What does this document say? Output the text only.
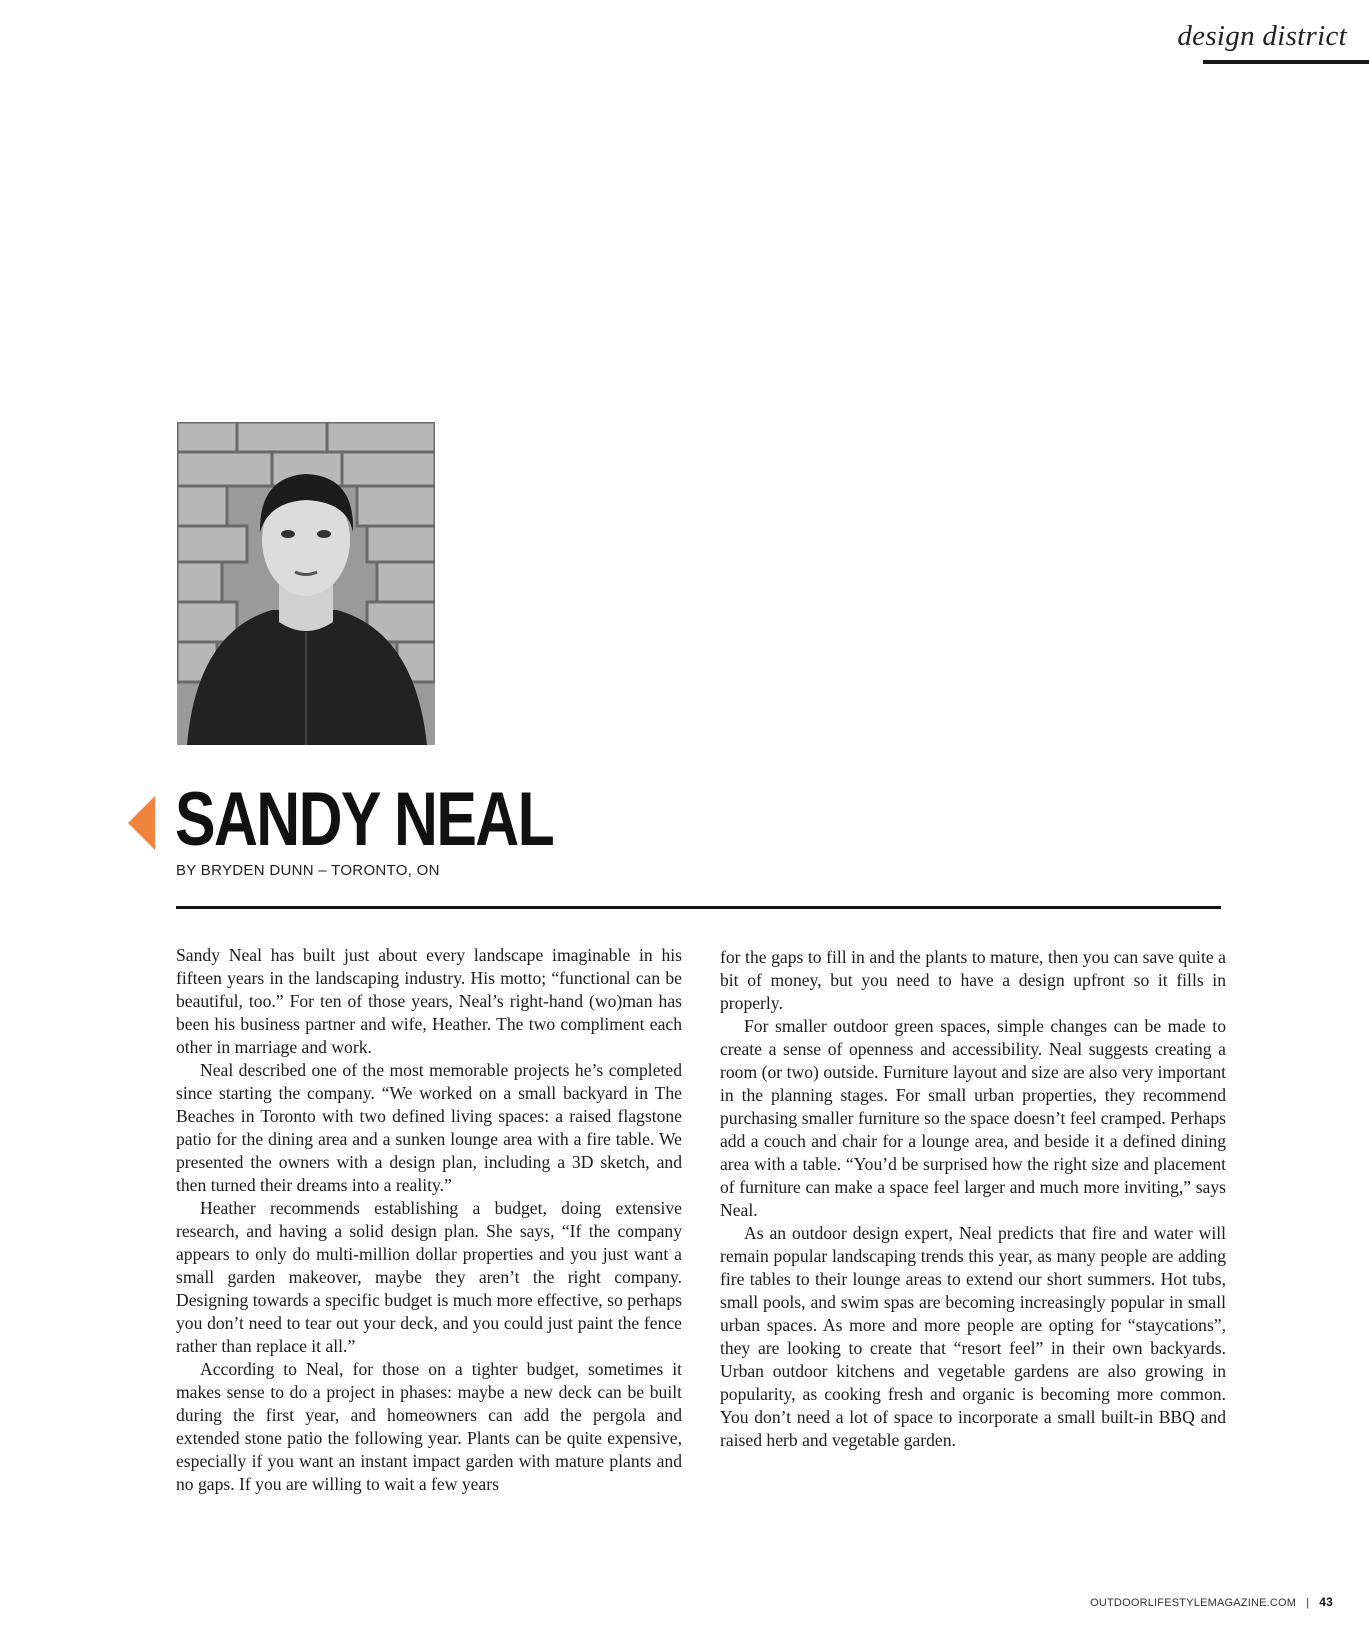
design district
SANDY NEAL
BY BRYDEN DUNN – TORONTO, ON

Sandy Neal has built just about every landscape imaginable in his fifteen years in the landscaping industry. His motto; “functional can be beautiful, too.” For ten of those years, Neal’s right-hand (wo)man has been his business partner and wife, Heather. The two compliment each other in marriage and work.

Neal described one of the most memorable projects he’s completed since starting the company. “We worked on a small backyard in The Beaches in Toronto with two defined living spaces: a raised flagstone patio for the dining area and a sunken lounge area with a fire table. We presented the owners with a design plan, including a 3D sketch, and then turned their dreams into a reality.”

Heather recommends establishing a budget, doing extensive research, and having a solid design plan. She says, “If the company appears to only do multi-million dollar properties and you just want a small garden makeover, maybe they aren’t the right company. Designing towards a specific budget is much more effective, so perhaps you don’t need to tear out your deck, and you could just paint the fence rather than replace it all.”

According to Neal, for those on a tighter budget, sometimes it makes sense to do a project in phases: maybe a new deck can be built during the first year, and homeowners can add the pergola and extended stone patio the following year. Plants can be quite expensive, especially if you want an instant impact garden with mature plants and no gaps. If you are willing to wait a few years

for the gaps to fill in and the plants to mature, then you can save quite a bit of money, but you need to have a design upfront so it fills in properly.

For smaller outdoor green spaces, simple changes can be made to create a sense of openness and accessibility. Neal suggests creating a room (or two) outside. Furniture layout and size are also very important in the planning stages. For small urban properties, they recommend purchasing smaller furniture so the space doesn’t feel cramped. Perhaps add a couch and chair for a lounge area, and beside it a defined dining area with a table. “You’d be surprised how the right size and placement of furniture can make a space feel larger and much more inviting,” says Neal.

As an outdoor design expert, Neal predicts that fire and water will remain popular landscaping trends this year, as many people are adding fire tables to their lounge areas to extend our short summers. Hot tubs, small pools, and swim spas are becoming increasingly popular in small urban spaces. As more and more people are opting for “staycations”, they are looking to create that “resort feel” in their own backyards. Urban outdoor kitchens and vegetable gardens are also growing in popularity, as cooking fresh and organic is becoming more common. You don’t need a lot of space to incorporate a small built-in BBQ and raised herb and vegetable garden.

OUTDOORLIFESTYLEMAGAZINE.COM | 43
